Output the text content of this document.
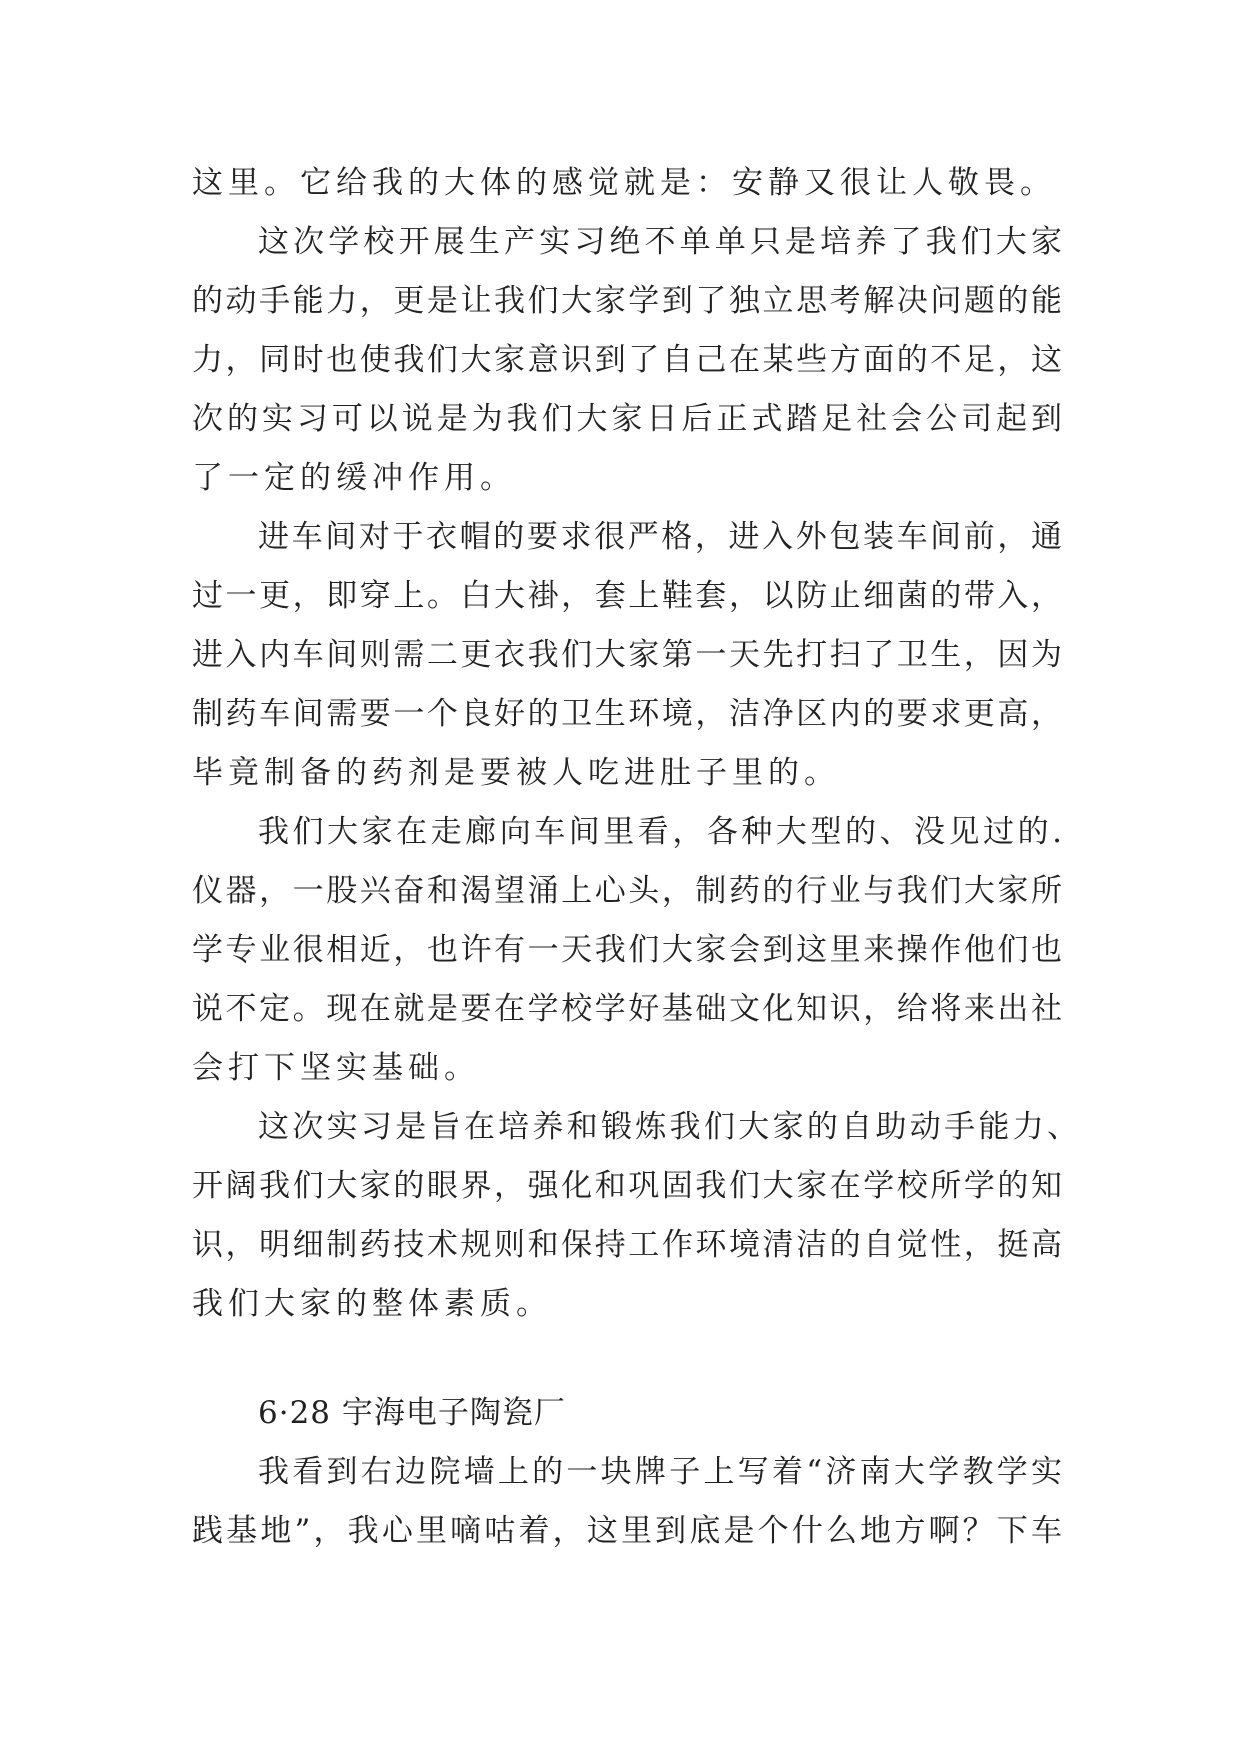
这里。它给我的大体的感觉就是：安静又很让人敬畏。
这次学校开展生产实习绝不单单只是培养了我们大家
的动手能力，更是让我们大家学到了独立思考解决问题的能
力，同时也使我们大家意识到了自己在某些方面的不足，这
次的实习可以说是为我们大家日后正式踏足社会公司起到
了一定的缓冲作用。
进车间对于衣帽的要求很严格，进入外包装车间前，通
过一更，即穿上。白大褂，套上鞋套，以防止细菌的带入，
进入内车间则需二更衣我们大家第一天先打扫了卫生，因为
制药车间需要一个良好的卫生环境，洁净区内的要求更高，
毕竟制备的药剂是要被人吃进肚子里的。
我们大家在走廊向车间里看，各种大型的、没见过的.
仪器，一股兴奋和渴望涌上心头，制药的行业与我们大家所
学专业很相近，也许有一天我们大家会到这里来操作他们也
说不定。现在就是要在学校学好基础文化知识，给将来出社
会打下坚实基础。
这次实习是旨在培养和锻炼我们大家的自助动手能力、
开阔我们大家的眼界，强化和巩固我们大家在学校所学的知
识，明细制药技术规则和保持工作环境清洁的自觉性，挺高
我们大家的整体素质。
6·28 宇海电子陶瓷厂
我看到右边院墙上的一块牌子上写着“济南大学教学实
践基地”，我心里嘀咕着，这里到底是个什么地方啊？下车
